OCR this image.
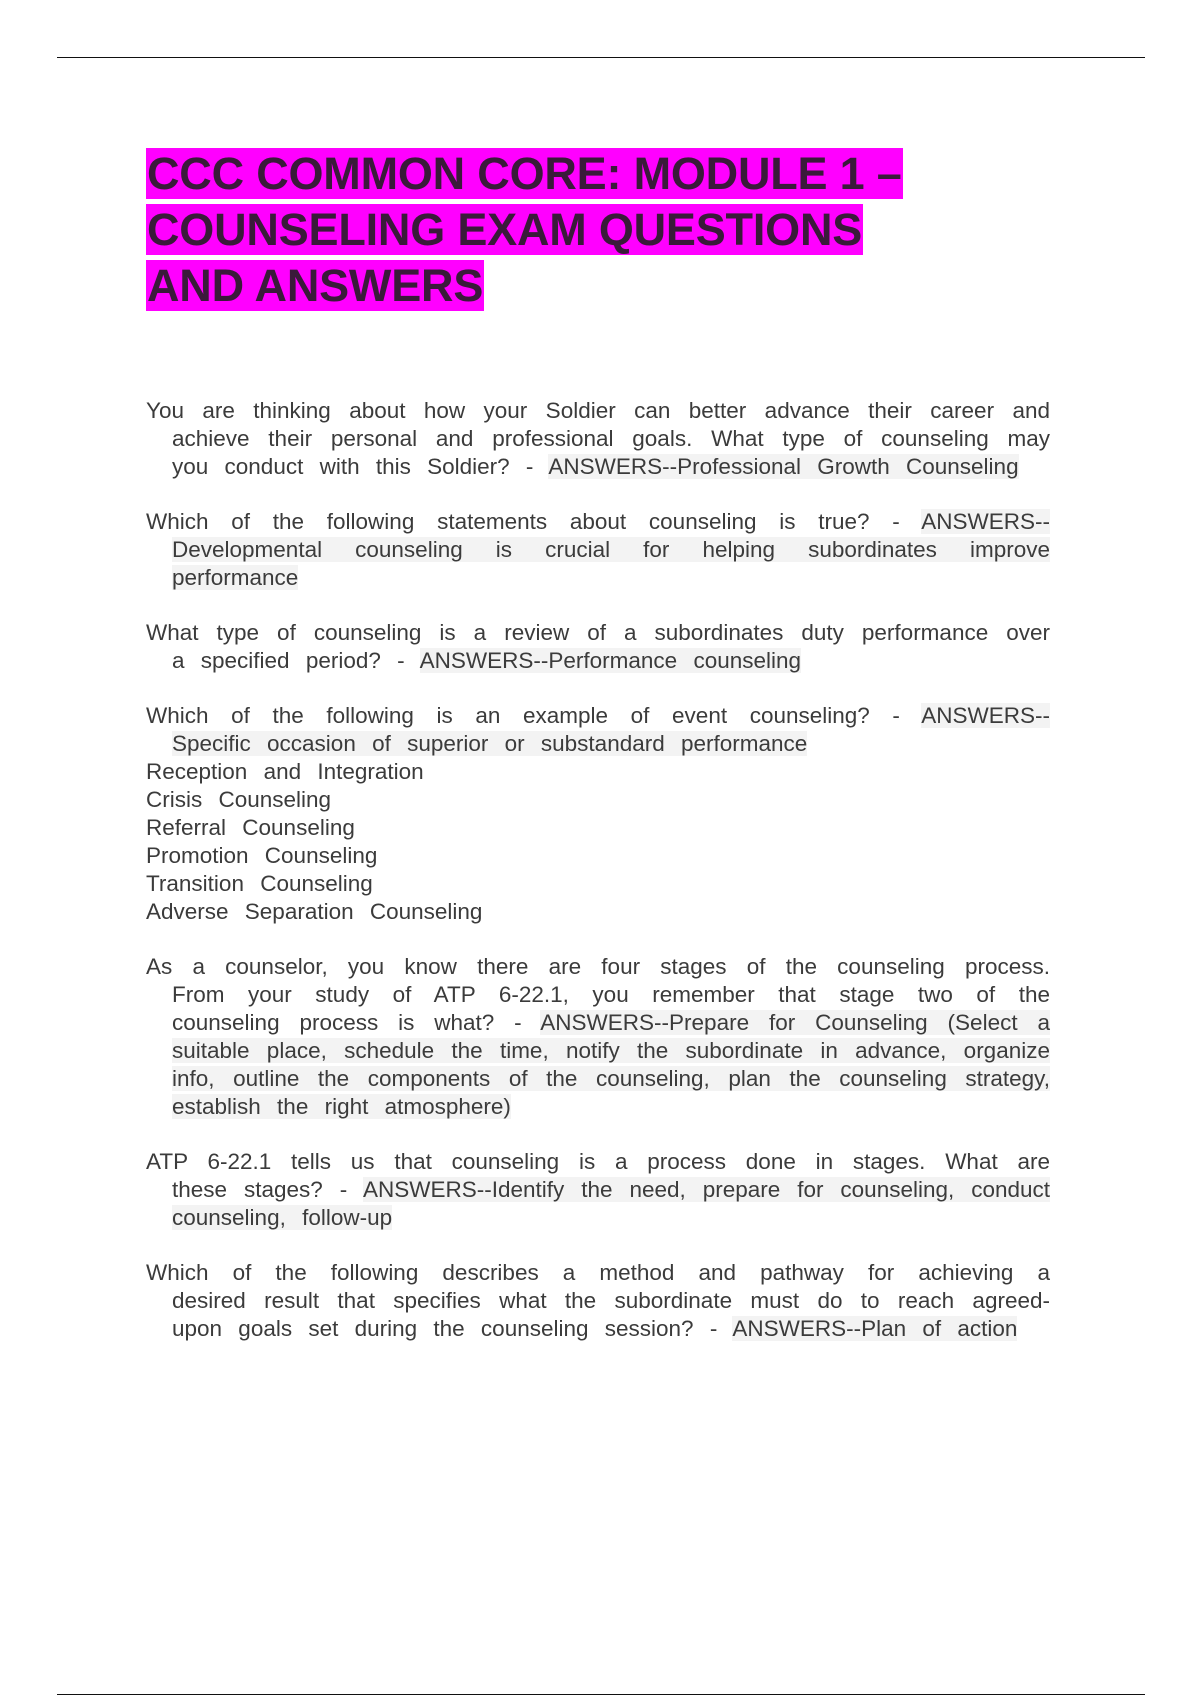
CCC COMMON CORE: MODULE 1 –
COUNSELING EXAM QUESTIONS
AND ANSWERS

You are thinking about how your Soldier can better advance their career and achieve their personal and professional goals. What type of counseling may you conduct with this Soldier? - ANSWERS--Professional Growth Counseling

Which of the following statements about counseling is true? - ANSWERS--Developmental counseling is crucial for helping subordinates improve performance

What type of counseling is a review of a subordinates duty performance over a specified period? - ANSWERS--Performance counseling

Which of the following is an example of event counseling? - ANSWERS--Specific occasion of superior or substandard performance

Reception and Integration
Crisis Counseling
Referral Counseling
Promotion Counseling
Transition Counseling
Adverse Separation Counseling

As a counselor, you know there are four stages of the counseling process. From your study of ATP 6-22.1, you remember that stage two of the counseling process is what? - ANSWERS--Prepare for Counseling (Select a suitable place, schedule the time, notify the subordinate in advance, organize info, outline the components of the counseling, plan the counseling strategy, establish the right atmosphere)

ATP 6-22.1 tells us that counseling is a process done in stages. What are these stages? - ANSWERS--Identify the need, prepare for counseling, conduct counseling, follow-up

Which of the following describes a method and pathway for achieving a desired result that specifies what the subordinate must do to reach agreed-upon goals set during the counseling session? - ANSWERS--Plan of action
